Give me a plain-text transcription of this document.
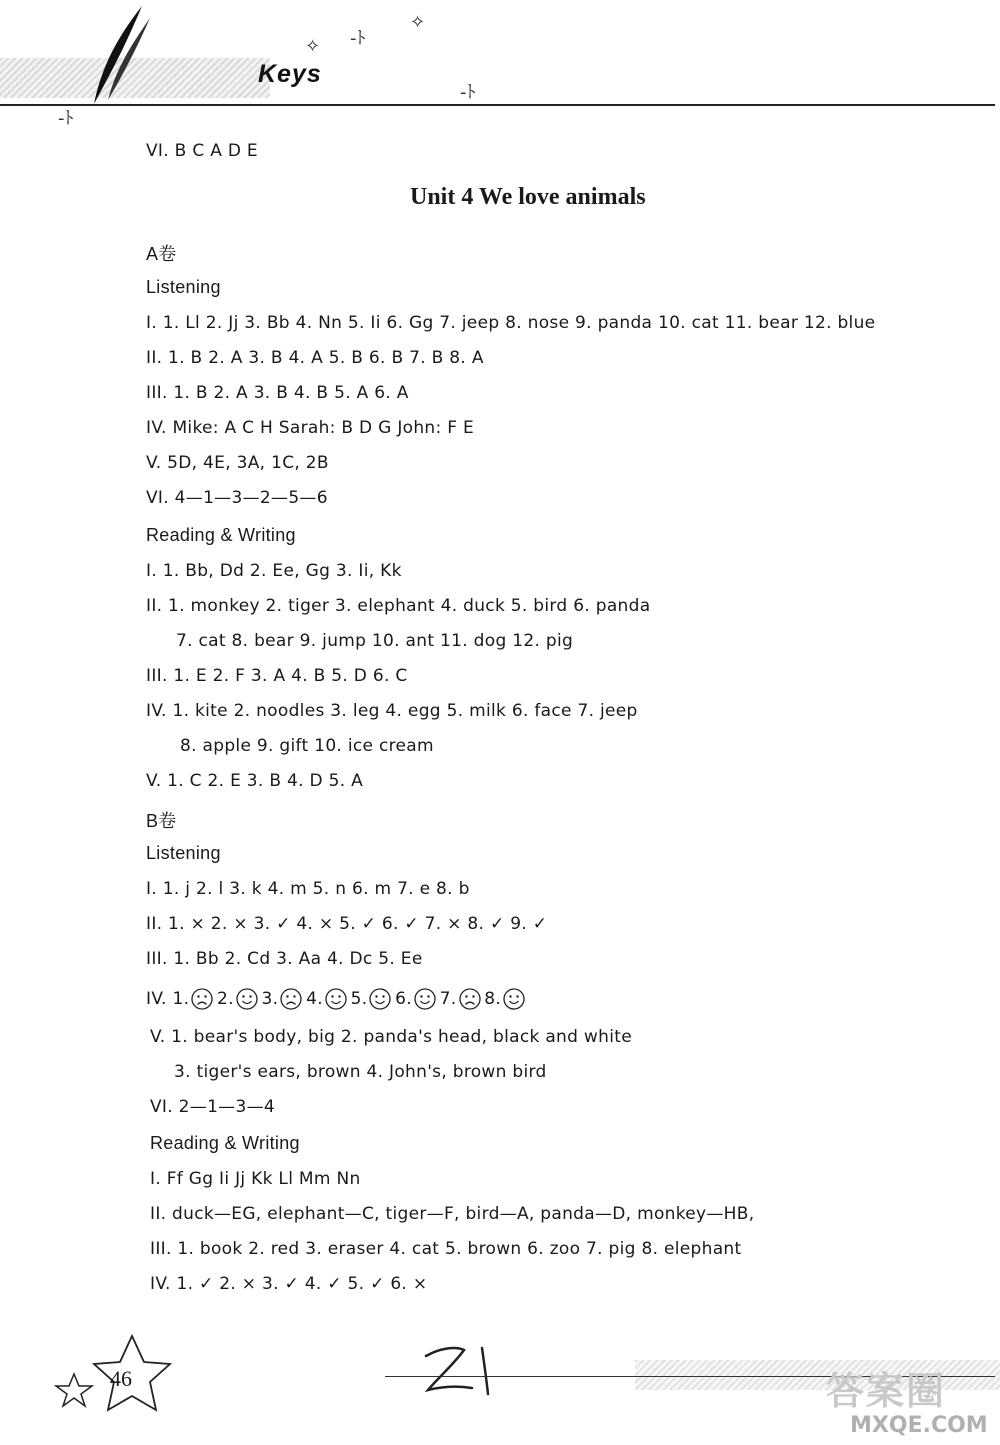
Keys
✧ -ﾄ
✧
-ﾄ
-ﾄ
VI. B C A D E
Unit 4 We love animals
A卷
Listening
I. 1. Ll 2. Jj 3. Bb 4. Nn 5. Ii 6. Gg 7. jeep 8. nose 9. panda 10. cat 11. bear 12. blue
II. 1. B 2. A 3. B 4. A 5. B 6. B 7. B 8. A
III. 1. B 2. A 3. B 4. B 5. A 6. A
IV. Mike: A C H Sarah: B D G John: F E
V. 5D, 4E, 3A, 1C, 2B
VI. 4—1—3—2—5—6
Reading & Writing
I. 1. Bb, Dd 2. Ee, Gg 3. Ii, Kk
II. 1. monkey 2. tiger 3. elephant 4. duck 5. bird 6. panda
7. cat 8. bear 9. jump 10. ant 11. dog 12. pig
III. 1. E 2. F 3. A 4. B 5. D 6. C
IV. 1. kite 2. noodles 3. leg 4. egg 5. milk 6. face 7. jeep
8. apple 9. gift 10. ice cream
V. 1. C 2. E 3. B 4. D 5. A
B卷
Listening
I. 1. j 2. l 3. k 4. m 5. n 6. m 7. e 8. b
II. 1. × 2. × 3. ✓ 4. × 5. ✓ 6. ✓ 7. × 8. ✓ 9. ✓
III. 1. Bb 2. Cd 3. Aa 4. Dc 5. Ee
IV. 1.
2.
3.
4.
5.
6.
7.
8.
V. 1. bear's body, big 2. panda's head, black and white
3. tiger's ears, brown 4. John's, brown bird
VI. 2—1—3—4
Reading & Writing
I. Ff Gg Ii Jj Kk Ll Mm Nn
II. duck—EG, elephant—C, tiger—F, bird—A, panda—D, monkey—HB,
III. 1. book 2. red 3. eraser 4. cat 5. brown 6. zoo 7. pig 8. elephant
IV. 1. ✓ 2. × 3. ✓ 4. ✓ 5. ✓ 6. ×
46	答案圈
MXQE.COM
